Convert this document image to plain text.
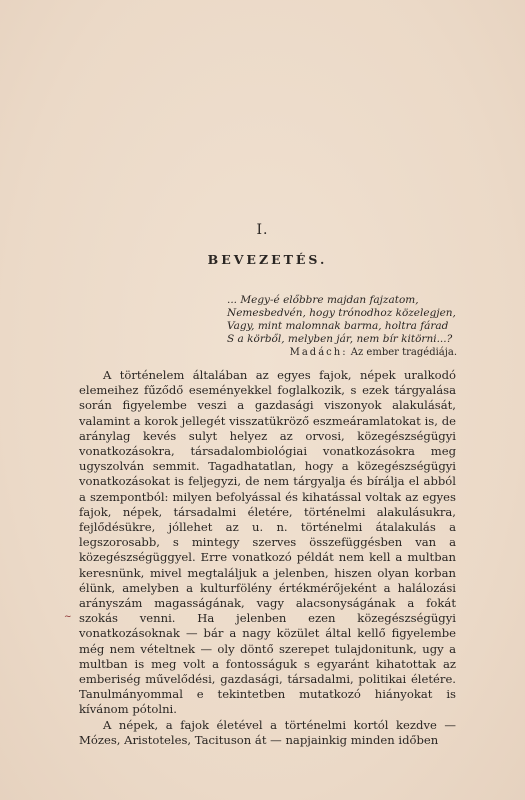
I.
BEVEZETÉS.
... Megy-é előbbre majdan fajzatom,
Nemesbedvén, hogy trónodhoz közelegjen,
Vagy, mint malomnak barma, holtra fárad
S a körből, melyben jár, nem bír kitörni...?
Madách: Az ember tragédiája.

A történelem általában az egyes fajok, népek uralkodó elemeihez fűződő eseményekkel foglalkozik, s ezek tárgyalása során figyelembe veszi a gazdasági viszonyok alakulását, valamint a korok jellegét visszatükröző eszmeáramlatokat is, de aránylag kevés sulyt helyez az orvosi, közegészségügyi vonatkozásokra, társadalombiológiai vonatkozásokra meg ugyszolván semmit. Tagadhatatlan, hogy a közegészségügyi vonatkozásokat is feljegyzi, de nem tárgyalja és bírálja el abból a szempontból: milyen befolyással és kihatással voltak az egyes fajok, népek, társadalmi életére, történelmi alakulásukra, fejlődésükre, jóllehet az u. n. történelmi átalakulás a legszorosabb, s mintegy szerves összefüggésben van a közegészségüggyel. Erre vonatkozó példát nem kell a multban keresnünk, mivel megtaláljuk a jelenben, hiszen olyan korban élünk, amelyben a kulturfölény értékmérőjeként a halálozási arányszám magasságának, vagy alacsonyságának a fokát szokás venni. Ha jelenben ezen közegészségügyi vonatkozásoknak — bár a nagy közület által kellő figyelembe még nem vételtnek — oly döntő szerepet tulajdonitunk, ugy a multban is meg volt a fontosságuk s egyaránt kihatottak az emberiség művelődési, gazdasági, társadalmi, politikai életére. Tanulmányommal e tekintetben mutatkozó hiányokat is kívánom pótolni.

A népek, a fajok életével a történelmi kortól kezdve — Mózes, Aristoteles, Tacituson át — napjainkig minden időben

~
